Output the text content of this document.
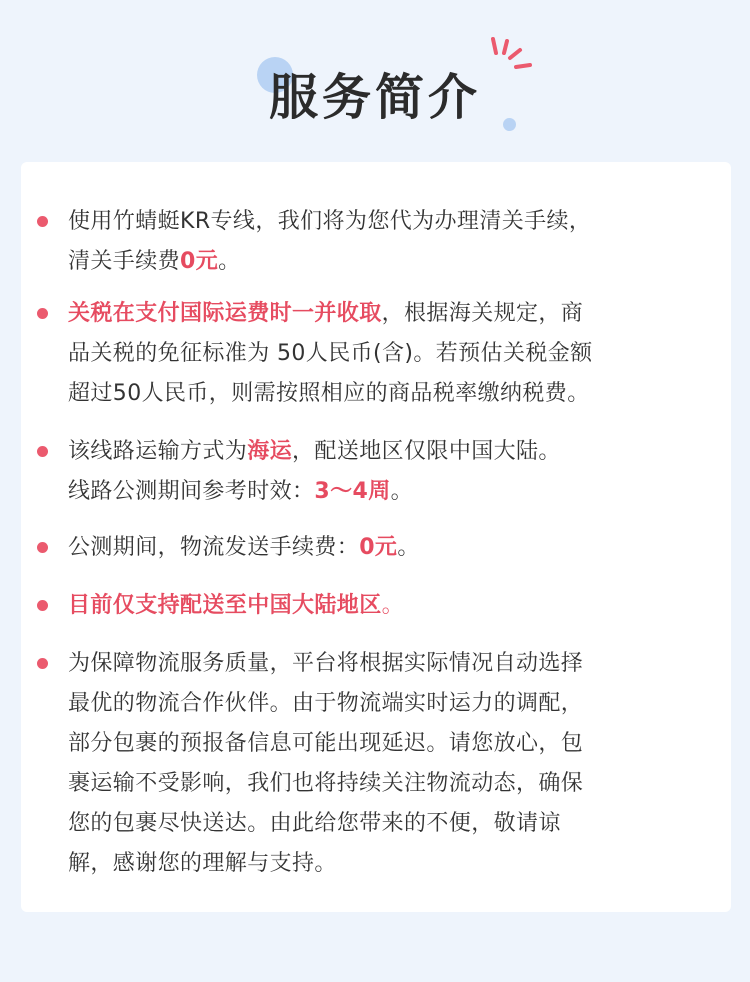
服务简介
使用竹蜻蜓KR专线，我们将为您代为办理清关手续，
清关手续费0元。
关税在支付国际运费时一并收取，根据海关规定，商
品关税的免征标准为 50人民币(含)。若预估关税金额
超过50人民币，则需按照相应的商品税率缴纳税费。
该线路运输方式为海运，配送地区仅限中国大陆。
线路公测期间参考时效：3～4周。
公测期间，物流发送手续费：0元。
目前仅支持配送至中国大陆地区。
为保障物流服务质量，平台将根据实际情况自动选择
最优的物流合作伙伴。由于物流端实时运力的调配，
部分包裹的预报备信息可能出现延迟。请您放心，包
裹运输不受影响，我们也将持续关注物流动态，确保
您的包裹尽快送达。由此给您带来的不便，敬请谅
解，感谢您的理解与支持。
